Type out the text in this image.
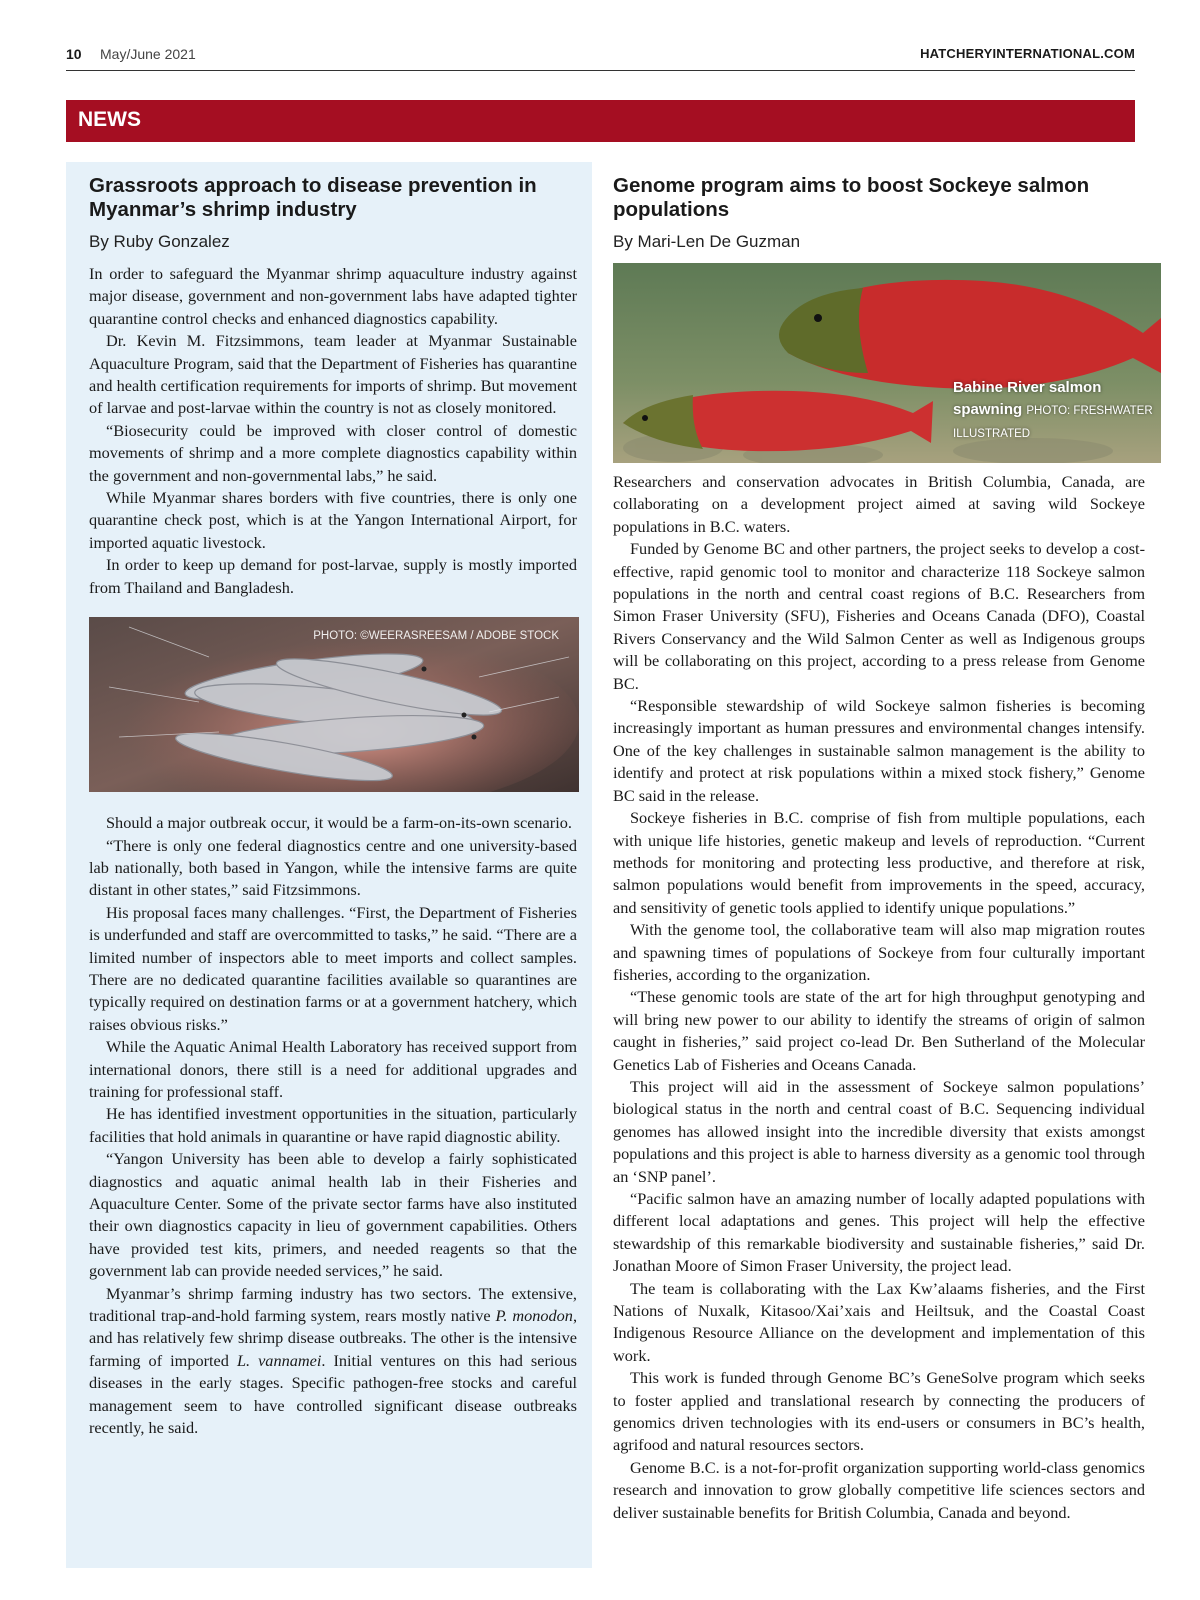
10 May/June 2021	HATCHERYINTERNATIONAL.COM
NEWS
Grassroots approach to disease prevention in Myanmar’s shrimp industry
By Ruby Gonzalez

In order to safeguard the Myanmar shrimp aquaculture industry against major disease, government and non-government labs have adapted tighter quarantine control checks and enhanced diagnostics capability.

Dr. Kevin M. Fitzsimmons, team leader at Myanmar Sustainable Aquaculture Program, said that the Department of Fisheries has quarantine and health certification requirements for imports of shrimp. But movement of larvae and post-larvae within the country is not as closely monitored.

“Biosecurity could be improved with closer control of domestic movements of shrimp and a more complete diagnostics capability within the government and non-governmental labs,” he said.

While Myanmar shares borders with five countries, there is only one quarantine check post, which is at the Yangon International Airport, for imported aquatic livestock.

In order to keep up demand for post-larvae, supply is mostly imported from Thailand and Bangladesh.

PHOTO: ©WEERASREESAM / ADOBE STOCK

Should a major outbreak occur, it would be a farm-on-its-own scenario.

“There is only one federal diagnostics centre and one university-based lab nationally, both based in Yangon, while the intensive farms are quite distant in other states,” said Fitzsimmons.

His proposal faces many challenges. “First, the Department of Fisheries is underfunded and staff are overcommitted to tasks,” he said. “There are a limited number of inspectors able to meet imports and collect samples. There are no dedicated quarantine facilities available so quarantines are typically required on destination farms or at a government hatchery, which raises obvious risks.”

While the Aquatic Animal Health Laboratory has received support from international donors, there still is a need for additional upgrades and training for professional staff.

He has identified investment opportunities in the situation, particularly facilities that hold animals in quarantine or have rapid diagnostic ability.

“Yangon University has been able to develop a fairly sophisticated diagnostics and aquatic animal health lab in their Fisheries and Aquaculture Center. Some of the private sector farms have also instituted their own diagnostics capacity in lieu of government capabilities. Others have provided test kits, primers, and needed reagents so that the government lab can provide needed services,” he said.

Myanmar’s shrimp farming industry has two sectors. The extensive, traditional trap-and-hold farming system, rears mostly native P. monodon, and has relatively few shrimp disease outbreaks. The other is the intensive farming of imported L. vannamei. Initial ventures on this had serious diseases in the early stages. Specific pathogen-free stocks and careful management seem to have controlled significant disease outbreaks recently, he said.

Genome program aims to boost Sockeye salmon populations
By Mari-Len De Guzman
Babine River salmon spawning PHOTO: FRESHWATER ILLUSTRATED

Researchers and conservation advocates in British Columbia, Canada, are collaborating on a development project aimed at saving wild Sockeye populations in B.C. waters.

Funded by Genome BC and other partners, the project seeks to develop a cost-effective, rapid genomic tool to monitor and characterize 118 Sockeye salmon populations in the north and central coast regions of B.C. Researchers from Simon Fraser University (SFU), Fisheries and Oceans Canada (DFO), Coastal Rivers Conservancy and the Wild Salmon Center as well as Indigenous groups will be collaborating on this project, according to a press release from Genome BC.

“Responsible stewardship of wild Sockeye salmon fisheries is becoming increasingly important as human pressures and environmental changes intensify. One of the key challenges in sustainable salmon management is the ability to identify and protect at risk populations within a mixed stock fishery,” Genome BC said in the release.

Sockeye fisheries in B.C. comprise of fish from multiple populations, each with unique life histories, genetic makeup and levels of reproduction. “Current methods for monitoring and protecting less productive, and therefore at risk, salmon populations would benefit from improvements in the speed, accuracy, and sensitivity of genetic tools applied to identify unique populations.”

With the genome tool, the collaborative team will also map migration routes and spawning times of populations of Sockeye from four culturally important fisheries, according to the organization.

“These genomic tools are state of the art for high throughput genotyping and will bring new power to our ability to identify the streams of origin of salmon caught in fisheries,” said project co-lead Dr. Ben Sutherland of the Molecular Genetics Lab of Fisheries and Oceans Canada.

This project will aid in the assessment of Sockeye salmon populations’ biological status in the north and central coast of B.C. Sequencing individual genomes has allowed insight into the incredible diversity that exists amongst populations and this project is able to harness diversity as a genomic tool through an ‘SNP panel’.

“Pacific salmon have an amazing number of locally adapted populations with different local adaptations and genes. This project will help the effective stewardship of this remarkable biodiversity and sustainable fisheries,” said Dr. Jonathan Moore of Simon Fraser University, the project lead.

The team is collaborating with the Lax Kw’alaams fisheries, and the First Nations of Nuxalk, Kitasoo/Xai’xais and Heiltsuk, and the Coastal Coast Indigenous Resource Alliance on the development and implementation of this work.

This work is funded through Genome BC’s GeneSolve program which seeks to foster applied and translational research by connecting the producers of genomics driven technologies with its end-users or consumers in BC’s health, agrifood and natural resources sectors.

Genome B.C. is a not-for-profit organization supporting world-class genomics research and innovation to grow globally competitive life sciences sectors and deliver sustainable benefits for British Columbia, Canada and beyond.
